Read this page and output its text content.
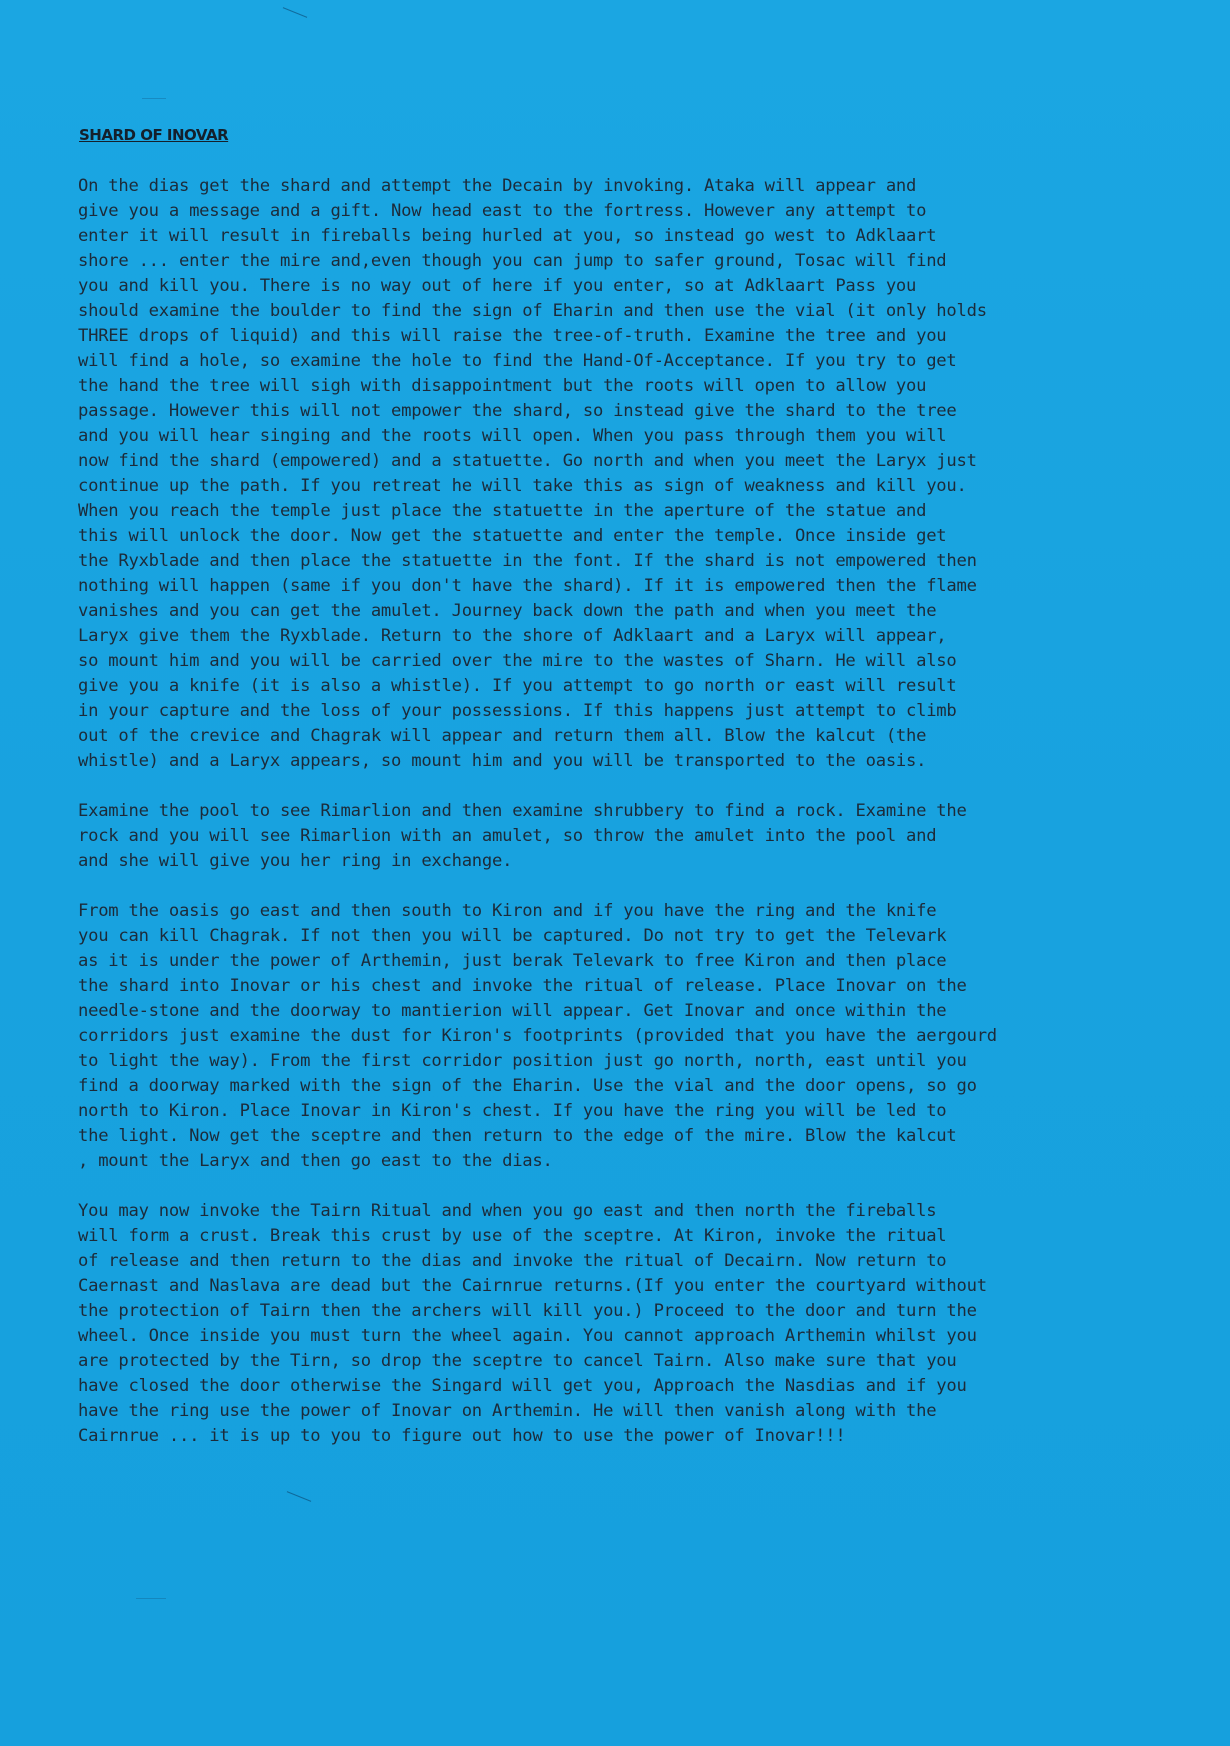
SHARD OF INOVAR

On the dias get the shard and attempt the Decain by invoking. Ataka will appear and
give you a message and a gift. Now head east to the fortress. However any attempt to
enter it will result in fireballs being hurled at you, so instead go west to Adklaart
shore ... enter the mire and,even though you can jump to safer ground, Tosac will find
you and kill you. There is no way out of here if you enter, so at Adklaart Pass you
should examine the boulder to find the sign of Eharin and then use the vial (it only holds
THREE drops of liquid) and this will raise the tree-of-truth. Examine the tree and you
will find a hole, so examine the hole to find the Hand-Of-Acceptance. If you try to get
the hand the tree will sigh with disappointment but the roots will open to allow you
passage. However this will not empower the shard, so instead give the shard to the tree
and you will hear singing and the roots will open. When you pass through them you will
now find the shard (empowered) and a statuette. Go north and when you meet the Laryx just
continue up the path. If you retreat he will take this as sign of weakness and kill you.
When you reach the temple just place the statuette in the aperture of the statue and
this will unlock the door. Now get the statuette and enter the temple. Once inside get
the Ryxblade and then place the statuette in the font. If the shard is not empowered then
nothing will happen (same if you don't have the shard). If it is empowered then the flame
vanishes and you can get the amulet. Journey back down the path and when you meet the
Laryx give them the Ryxblade. Return to the shore of Adklaart and a Laryx will appear,
so mount him and you will be carried over the mire to the wastes of Sharn. He will also
give you a knife (it is also a whistle). If you attempt to go north or east will result
in your capture and the loss of your possessions. If this happens just attempt to climb
out of the crevice and Chagrak will appear and return them all. Blow the kalcut (the
whistle) and a Laryx appears, so mount him and you will be transported to the oasis.

Examine the pool to see Rimarlion and then examine shrubbery to find a rock. Examine the
rock and you will see Rimarlion with an amulet, so throw the amulet into the pool and
and she will give you her ring in exchange.

From the oasis go east and then south to Kiron and if you have the ring and the knife
you can kill Chagrak. If not then you will be captured. Do not try to get the Televark
as it is under the power of Arthemin, just berak Televark to free Kiron and then place
the shard into Inovar or his chest and invoke the ritual of release. Place Inovar on the
needle-stone and the doorway to mantierion will appear. Get Inovar and once within the
corridors just examine the dust for Kiron's footprints (provided that you have the aergourd
to light the way). From the first corridor position just go north, north, east until you
find a doorway marked with the sign of the Eharin. Use the vial and the door opens, so go
north to Kiron. Place Inovar in Kiron's chest. If you have the ring you will be led to
the light. Now get the sceptre and then return to the edge of the mire. Blow the kalcut
, mount the Laryx and then go east to the dias.

You may now invoke the Tairn Ritual and when you go east and then north the fireballs
will form a crust. Break this crust by use of the sceptre. At Kiron, invoke the ritual
of release and then return to the dias and invoke the ritual of Decairn. Now return to
Caernast and Naslava are dead but the Cairnrue returns.(If you enter the courtyard without
the protection of Tairn then the archers will kill you.) Proceed to the door and turn the
wheel. Once inside you must turn the wheel again. You cannot approach Arthemin whilst you
are protected by the Tirn, so drop the sceptre to cancel Tairn. Also make sure that you
have closed the door otherwise the Singard will get you, Approach the Nasdias and if you
have the ring use the power of Inovar on Arthemin. He will then vanish along with the
Cairnrue ... it is up to you to figure out how to use the power of Inovar!!!
